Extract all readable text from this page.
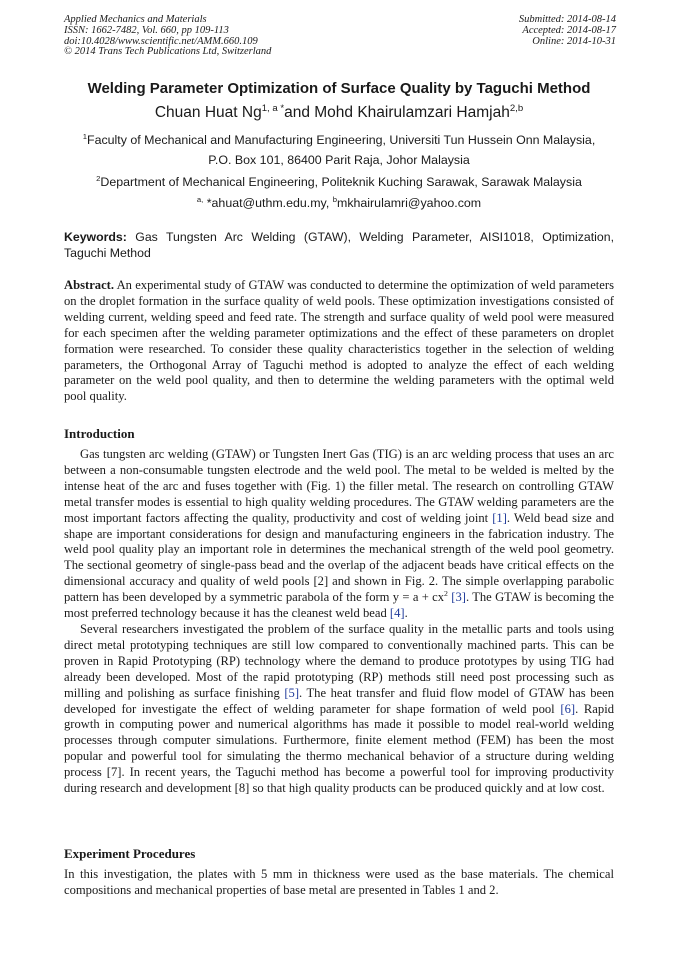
Applied Mechanics and Materials
ISSN: 1662-7482, Vol. 660, pp 109-113
doi:10.4028/www.scientific.net/AMM.660.109
© 2014 Trans Tech Publications Ltd, Switzerland
Submitted: 2014-08-14
Accepted: 2014-08-17
Online: 2014-10-31
Welding Parameter Optimization of Surface Quality by Taguchi Method
Chuan Huat $Ng^{1, a *}and$ Mohd Khairulamzari Hamjah$^{2,b}$
$^1$Faculty of Mechanical and Manufacturing Engineering, Universiti Tun Hussein Onn Malaysia,
P.O. Box 101, 86400 Parit Raja, Johor Malaysia
$^2$Department of Mechanical Engineering, Politeknik Kuching Sarawak, Sarawak Malaysia
$^{a,}$ *ahuat@uthm.edu.my, $^b$mkhairulamri@yahoo.com
Keywords: Gas Tungsten Arc Welding (GTAW), Welding Parameter, AISI1018, Optimization, Taguchi Method

Abstract. An experimental study of GTAW was conducted to determine the optimization of weld parameters on the droplet formation in the surface quality of weld pools. These optimization investigations consisted of welding current, welding speed and feed rate. The strength and surface quality of weld pool were measured for each specimen after the welding parameter optimizations and the effect of these parameters on droplet formation were researched. To consider these quality characteristics together in the selection of welding parameters, the Orthogonal Array of Taguchi method is adopted to analyze the effect of each welding parameter on the weld pool quality, and then to determine the welding parameters with the optimal weld pool quality.

Introduction

Gas tungsten arc welding (GTAW) or Tungsten Inert Gas (TIG) is an arc welding process that uses an arc between a non-consumable tungsten electrode and the weld pool. The metal to be welded is melted by the intense heat of the arc and fuses together with (Fig. 1) the filler metal. The research on controlling GTAW metal transfer modes is essential to high quality welding procedures. The GTAW welding parameters are the most important factors affecting the quality, productivity and cost of welding joint [1]. Weld bead size and shape are important considerations for design and manufacturing engineers in the fabrication industry. The weld pool quality play an important role in determines the mechanical strength of the weld pool geometry. The sectional geometry of single-pass bead and the overlap of the adjacent beads have critical effects on the dimensional accuracy and quality of weld pools [2] and shown in Fig. 2. The simple overlapping parabolic pattern has been developed by a symmetric parabola of the form $y = a + cx^2$ [3]. The GTAW is becoming the most preferred technology because it has the cleanest weld bead [4].

Several researchers investigated the problem of the surface quality in the metallic parts and tools using direct metal prototyping techniques are still low compared to conventionally machined parts. This can be proven in Rapid Prototyping (RP) technology where the demand to produce prototypes by using TIG had already been developed. Most of the rapid prototyping (RP) methods still need post processing such as milling and polishing as surface finishing [5]. The heat transfer and fluid flow model of GTAW has been developed for investigate the effect of welding parameter for shape formation of weld pool [6]. Rapid growth in computing power and numerical algorithms has made it possible to model real-world welding processes through computer simulations. Furthermore, finite element method (FEM) has been the most popular and powerful tool for simulating the thermo mechanical behavior of a structure during welding process [7]. In recent years, the Taguchi method has become a powerful tool for improving productivity during research and development [8] so that high quality products can be produced quickly and at low cost.

Experiment Procedures

In this investigation, the plates with 5 mm in thickness were used as the base materials. The chemical compositions and mechanical properties of base metal are presented in Tables 1 and 2.
